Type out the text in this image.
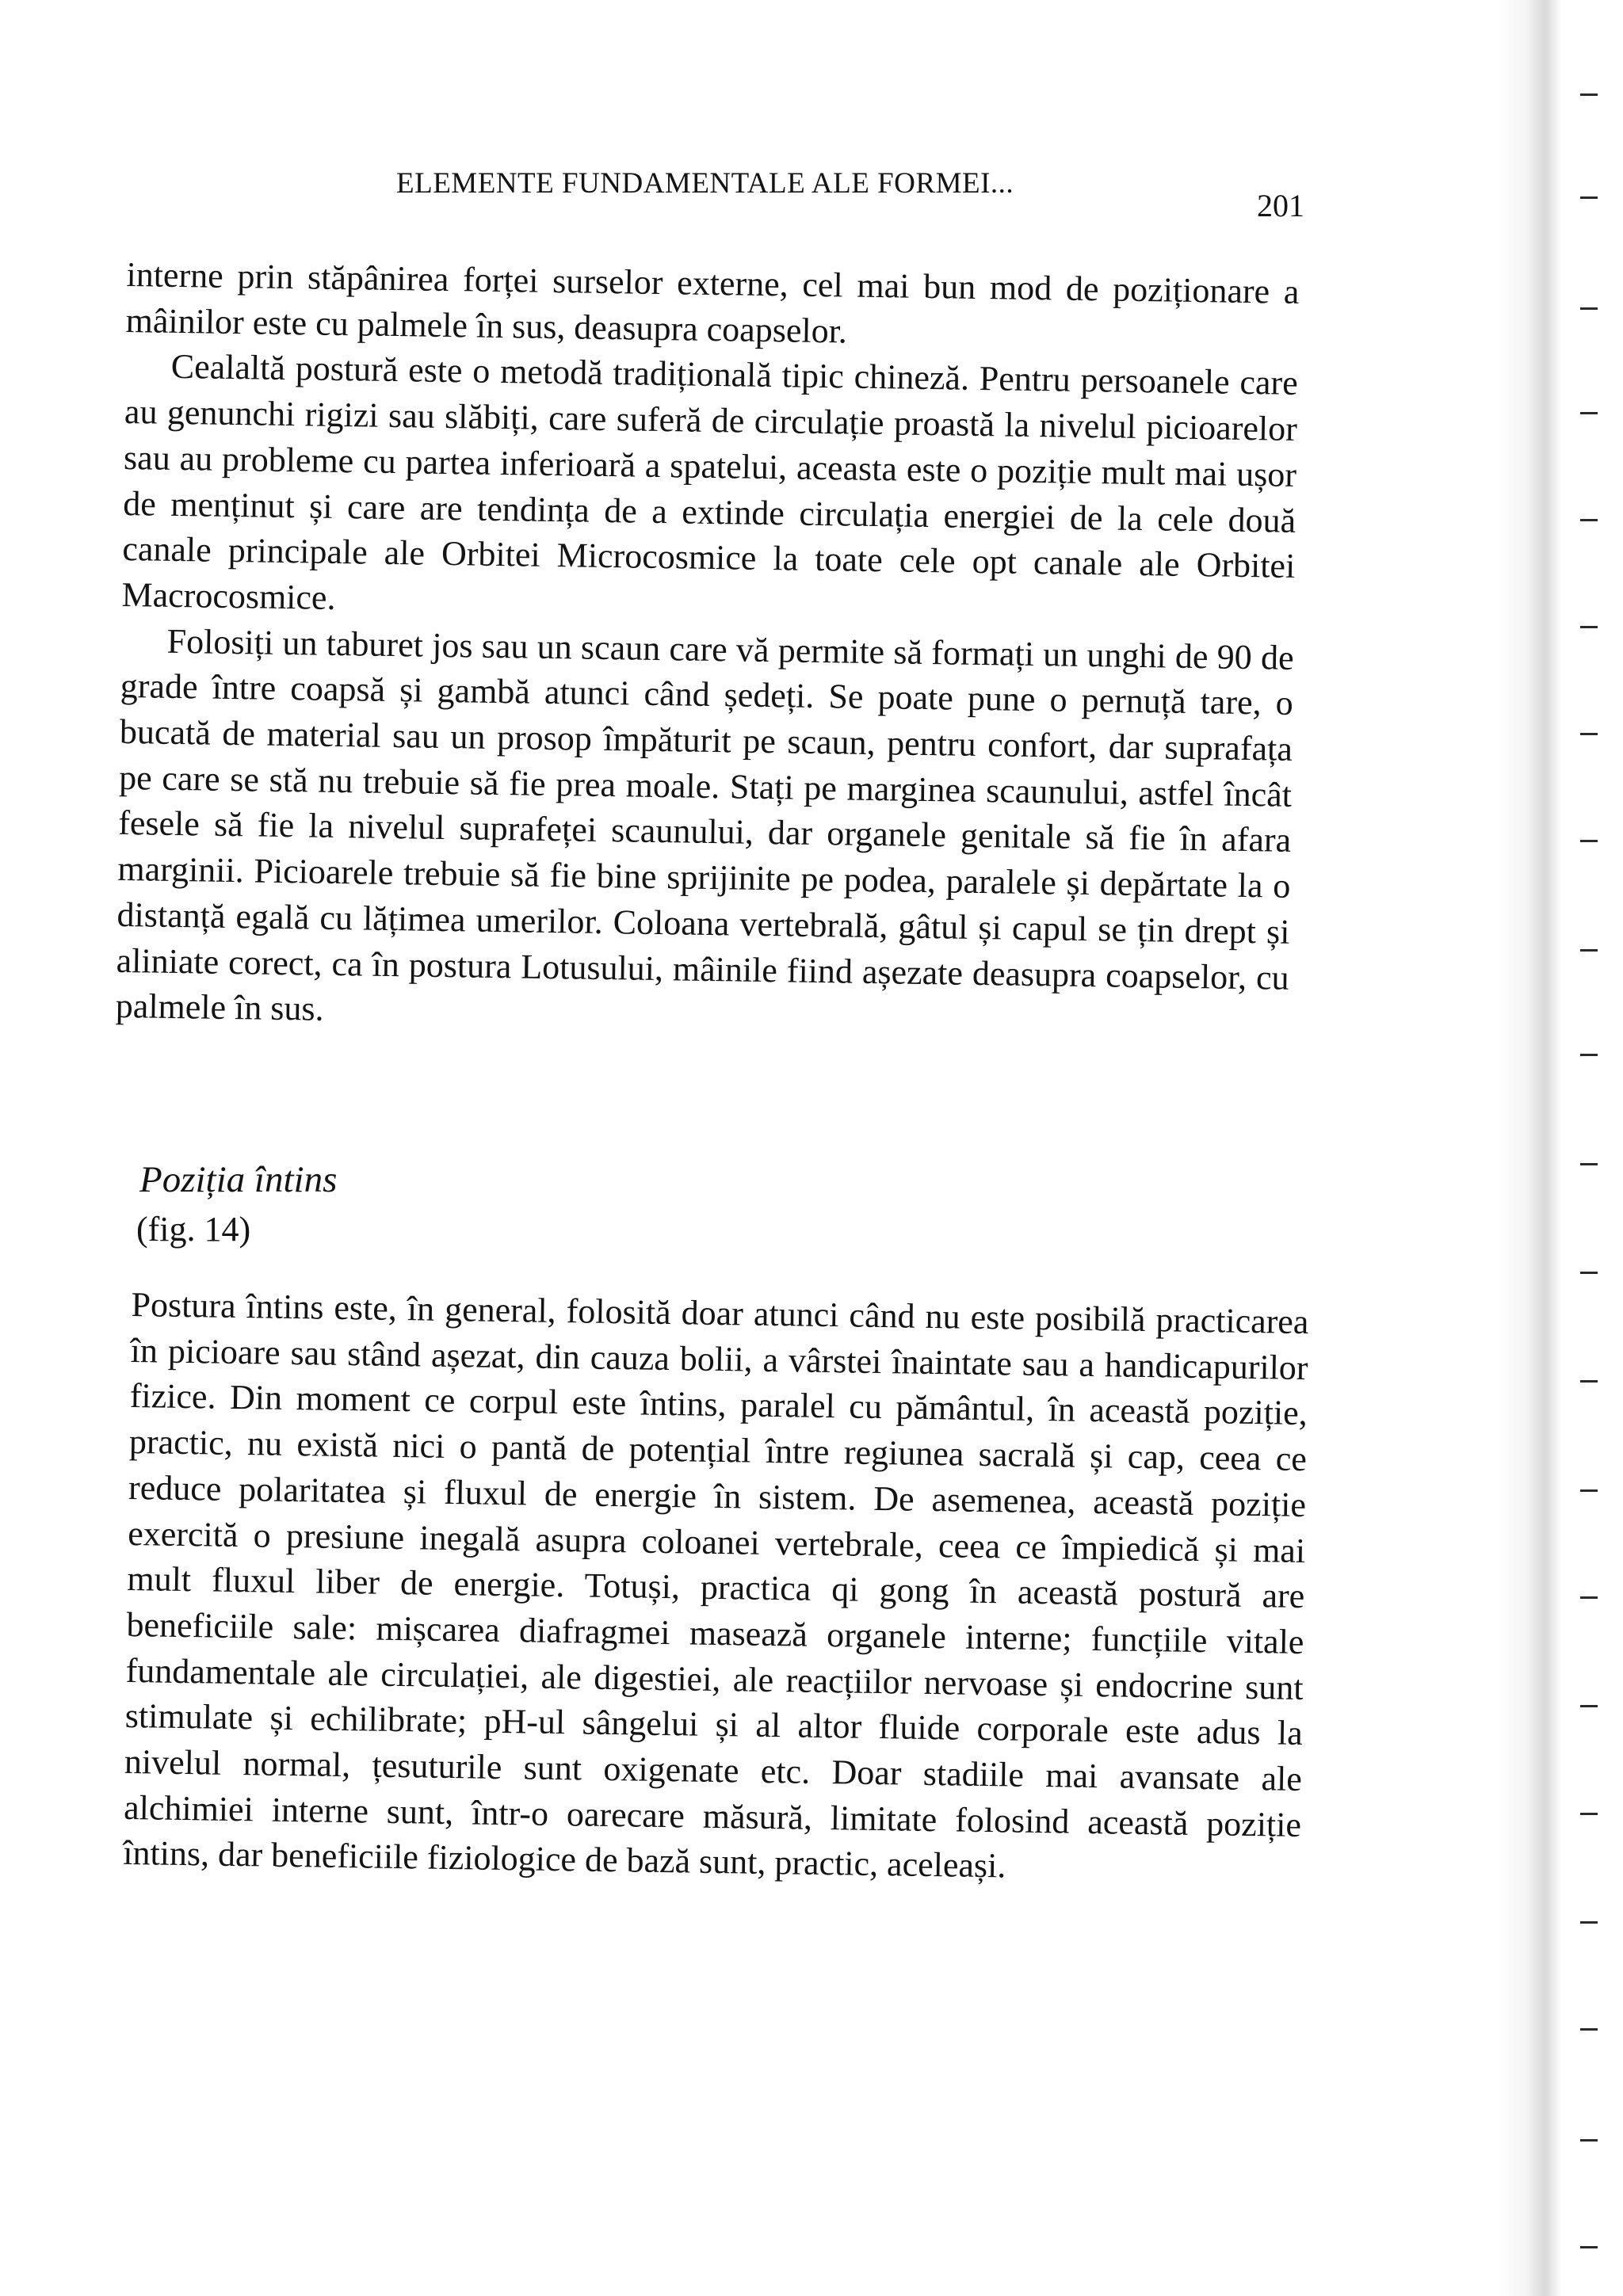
ELEMENTE FUNDAMENTALE ALE FORMEI...
201

interne prin stăpânirea forței surselor externe, cel mai bun mod de poziționare a mâinilor este cu palmele în sus, deasupra coapselor.

Cealaltă postură este o metodă tradițională tipic chineză. Pentru persoanele care au genunchi rigizi sau slăbiți, care suferă de circulație proastă la nivelul picioarelor sau au probleme cu partea inferioară a spatelui, aceasta este o poziție mult mai ușor de menținut și care are tendința de a extinde circulația energiei de la cele două canale principale ale Orbitei Microcosmice la toate cele opt canale ale Orbitei Macrocosmice.

Folosiți un taburet jos sau un scaun care vă permite să formați un unghi de 90 de grade între coapsă și gambă atunci când ședeți. Se poate pune o pernuță tare, o bucată de material sau un prosop împăturit pe scaun, pentru confort, dar suprafața pe care se stă nu trebuie să fie prea moale. Stați pe marginea scaunului, astfel încât fesele să fie la nivelul suprafeței scaunului, dar organele genitale să fie în afara marginii. Picioarele trebuie să fie bine sprijinite pe podea, paralele și depărtate la o distanță egală cu lățimea umerilor. Coloana vertebrală, gâtul și capul se țin drept și aliniate corect, ca în postura Lotusului, mâinile fiind așezate deasupra coapselor, cu palmele în sus.

Poziția întins
(fig. 14)

Postura întins este, în general, folosită doar atunci când nu este posibilă practicarea în picioare sau stând așezat, din cauza bolii, a vârstei înaintate sau a handicapurilor fizice. Din moment ce corpul este întins, paralel cu pământul, în această poziție, practic, nu există nici o pantă de potențial între regiunea sacrală și cap, ceea ce reduce polaritatea și fluxul de energie în sistem. De asemenea, această poziție exercită o presiune inegală asupra coloanei vertebrale, ceea ce împiedică și mai mult fluxul liber de energie. Totuși, practica qi gong în această postură are beneficiile sale: mișcarea diafragmei masează organele interne; funcțiile vitale fundamentale ale circulației, ale digestiei, ale reacțiilor nervoase și endocrine sunt stimulate și echilibrate; pH-ul sângelui și al altor fluide corporale este adus la nivelul normal, țesuturile sunt oxigenate etc. Doar stadiile mai avansate ale alchimiei interne sunt, într-o oarecare măsură, limitate folosind această poziție întins, dar beneficiile fiziologice de bază sunt, practic, aceleași.
